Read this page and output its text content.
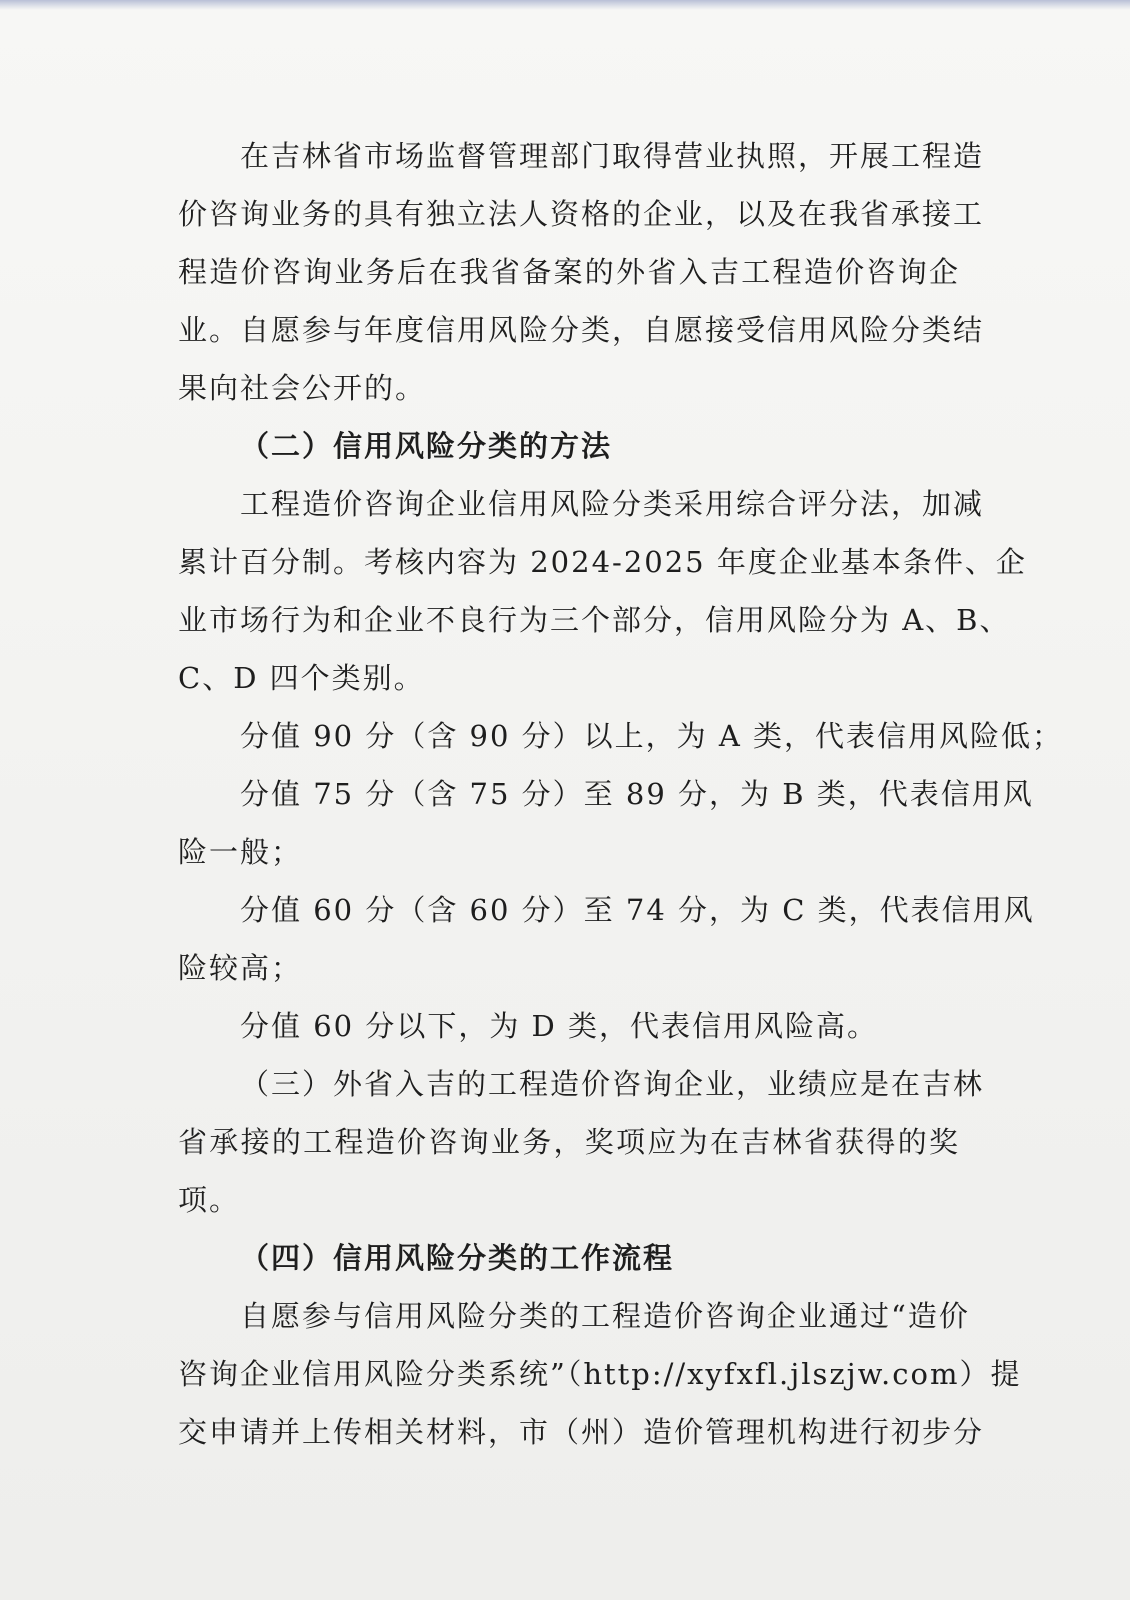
在吉林省市场监督管理部门取得营业执照，开展工程造
价咨询业务的具有独立法人资格的企业，以及在我省承接工
程造价咨询业务后在我省备案的外省入吉工程造价咨询企
业。自愿参与年度信用风险分类，自愿接受信用风险分类结
果向社会公开的。
（二）信用风险分类的方法
工程造价咨询企业信用风险分类采用综合评分法，加减
累计百分制。考核内容为 2024-2025 年度企业基本条件、企
业市场行为和企业不良行为三个部分，信用风险分为 A、B、
C、D 四个类别。
分值 90 分（含 90 分）以上，为 A 类，代表信用风险低；
分值 75 分（含 75 分）至 89 分，为 B 类，代表信用风
险一般；
分值 60 分（含 60 分）至 74 分，为 C 类，代表信用风
险较高；
分值 60 分以下，为 D 类，代表信用风险高。
（三）外省入吉的工程造价咨询企业，业绩应是在吉林
省承接的工程造价咨询业务，奖项应为在吉林省获得的奖
项。
（四）信用风险分类的工作流程
自愿参与信用风险分类的工程造价咨询企业通过“造价
咨询企业信用风险分类系统”（http://xyfxfl.jlszjw.com）提
交申请并上传相关材料，市（州）造价管理机构进行初步分
